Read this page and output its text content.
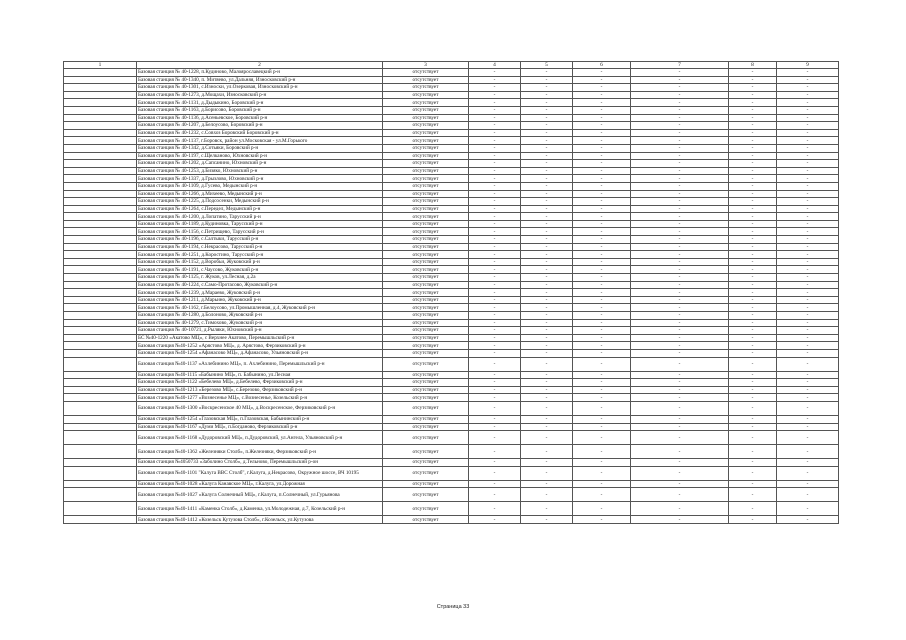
1	2	3	4	5	6	7	8	9
	Базовая станция № 40-1228, п.Кудиново, Малоярославецкий р-н	отсутствует	-	-	-	-	-	-
	Базовая станция № 40-1340, п. Митяево, ул.Дальняя, Износковский р-н	отсутствует	-	-	-	-	-	-
	Базовая станция № 40-1301, с.Износки, ул.Озерковая, Износковский р-н	отсутствует	-	-	-	-	-	-
	Базовая станция № 40-1273, д.Мощахи, Износковский р-н	отсутствует	-	-	-	-	-	-
	Базовая станция № 40-1131, д.Дыдыкино, Боровский р-н	отсутствует	-	-	-	-	-	-
	Базовая станция № 40-1163, д.Борисово, Боровский р-н	отсутствует	-	-	-	-	-	-
	Базовая станция № 40-1136, д.Асеньевское, Боровский р-н	отсутствует	-	-	-	-	-	-
	Базовая станция № 40-1207, д.Белоусово, Боровский р-н	отсутствует	-	-	-	-	-	-
	Базовая станция № 40-1232, с.Совхоз Боровский Боровский р-н	отсутствует	-	-	-	-	-	-
	Базовая станция № 40-1137, г.Боровск, район ул.Московская - ул.М.Горького	отсутствует	-	-	-	-	-	-
	Базовая станция № 40-1342, д.Сотьяки, Боровский р-н	отсутствует	-	-	-	-	-	-
	Базовая станция № 40-1197, с.Щелканово, Юхновский р-н	отсутствует	-	-	-	-	-	-
	Базовая станция № 40-1202, д.Сапсанино, Юхновский р-н	отсутствует	-	-	-	-	-	-
	Базовая станция № 40-1253, д.Бизяко, Юхновский р-н	отсутствует	-	-	-	-	-	-
	Базовая станция № 40-1337, д.Грызлово, Юхновский р-н	отсутствует	-	-	-	-	-	-
	Базовая станция № 40-1109, д.Гусево, Медынский р-н	отсутствует	-	-	-	-	-	-
	Базовая станция № 40-1266, д.Михеево, Медынский р-н	отсутствует	-	-	-	-	-	-
	Базовая станция № 40-1225, д.Подсосенки, Медынский р-н	отсутствует	-	-	-	-	-	-
	Базовая станция № 40-1264, с.Передел, Медынский р-н	отсутствует	-	-	-	-	-	-
	Базовая станция № 40-1200, д.Лопатино, Тарусский р-н	отсутствует	-	-	-	-	-	-
	Базовая станция № 40-1189, д.Кудиновка, Тарусский р-н	отсутствует	-	-	-	-	-	-
	Базовая станция № 40-1156, с.Петрищево, Тарусский р-н	отсутствует	-	-	-	-	-	-
	Базовая станция № 40-1196, с.Салтыки, Тарусский р-н	отсутствует	-	-	-	-	-	-
	Базовая станция № 40-1194, с.Некрасово, Тарусский р-н	отсутствует	-	-	-	-	-	-
	Базовая станция № 40-1251, д.Коростино, Тарусский р-н	отсутствует	-	-	-	-	-	-
	Базовая станция № 40-1152, д.Воробьи, Жуковский р-н	отсутствует	-	-	-	-	-	-
	Базовая станция № 40-1191, с.Чаусово, Жуковский р-н	отсутствует	-	-	-	-	-	-
	Базовая станция № 40-1125, г. Жуков, ул.Лесная, д.2а	отсутствует	-	-	-	-	-	-
	Базовая станция № 40-1224, с.Само-Протасово, Жуковский р-н	отсутствует	-	-	-	-	-	-
	Базовая станция № 40-1239, д.Мараево, Жуковский р-н	отсутствует	-	-	-	-	-	-
	Базовая станция № 40-1211, д.Марьино, Жуковский р-н	отсутствует	-	-	-	-	-	-
	Базовая станция № 40-1162, г.Белоусово, ул.Промышленная, д.4, Жуковский р-н	отсутствует	-	-	-	-	-	-
	Базовая станция № 40-1280, д.Болоново, Жуковский р-н	отсутствует	-	-	-	-	-	-
	Базовая станция № 40-1279, с.Тимохово, Жуковский р-н	отсутствует	-	-	-	-	-	-
	Базовая станция № 40-10721, д.Рыляки, Юхновский р-н	отсутствует	-	-	-	-	-	-
	БС №40-1220 «Акатово МЦ», с Верхнее Акатово, Перемышльский р-н	отсутствует	-	-	-	-	-	-
	Базовая станция №40-1252 «Арястово МЦ», д. Арястово, Ферзиковский р-н	отсутствует	-	-	-	-	-	-
	Базовая станция №40-1254 «Афанасово МЦ», д.Афанасово, Ульяновский р-н	отсутствует	-	-	-	-	-	-
	Базовая станция №40-1137 «Ахлебинино МЦ», п. Ахлебинино, Перемышльский р-н	отсутствует	-	-	-	-	-	-
	Базовая станция №40-1115 «Бабынино МЦ», п. Бабынино, ул.Лесная	отсутствует	-	-	-	-	-	-
	Базовая станция №40-1122 «Бебелево МЦ», д.Бебелево, Ферзиковский р-н	отсутствует	-	-	-	-	-	-
	Базовая станция №40-1213 «Березово МЦ», с.Березово, Ферзиковский р-н	отсутствует	-	-	-	-	-	-
	Базовая станция №40-1277 «Вознесенье МЦ», с.Вознесенье, Козельский р-н	отсутствует	-	-	-	-	-	-
	Базовая станция №40-1300 «Воскресенское 40 МЦ», д.Воскресенское, Ферзиковский р-н	отсутствует	-	-	-	-	-	-
	Базовая станция №40-1254 «Глазовская МЦ», п.Глазовская, Бабынинский р-н	отсутствует	-	-	-	-	-	-
	Базовая станция №40-1167 «Думи МЦ», п.Богданово, Ферзиковский р-н	отсутствует	-	-	-	-	-	-
	Базовая станция №40-1168 «Дудоровский МЦ», п.Дудоровский, ул.Ангела, Ульяновский р-н	отсутствует	-	-	-	-	-	-
	Базовая станция №40-1362 «Железняки Столб», п.Железняки, Ферзиковский р-н	отсутствует	-	-	-	-	-	-
	Базовая станция №4050733 «Заболино Столб», д.Тельново, Перемышльский р-он	отсутствует	-	-	-	-	-	-
	Базовая станция №40-1101 "Калуга ВВС Столб", г.Калуга, д.Некрасово, Окружное шоссе, ВЧ 10195	отсутствует	-	-	-	-	-	-
	Базовая станция №40-1028 «Калуга Канавское МЦ», г.Калуга, ул.Дорожная	отсутствует	-	-	-	-	-	-
	Базовая станция №40-1027 «Калуга Солнечный МЦ», г.Калуга, п.Солнечный, ул.Гурьянова	отсутствует	-	-	-	-	-	-
	Базовая станция №40-1411 «Каменка Столб», д.Каменка, ул.Молодежная, д.7, Козельский р-н	отсутствует	-	-	-	-	-	-
	Базовая станция №40-1412 «Козельск Кутузова Столб», г.Козельск, ул.Кутузова	отсутствует	-	-	-	-	-	-
Страница 33
